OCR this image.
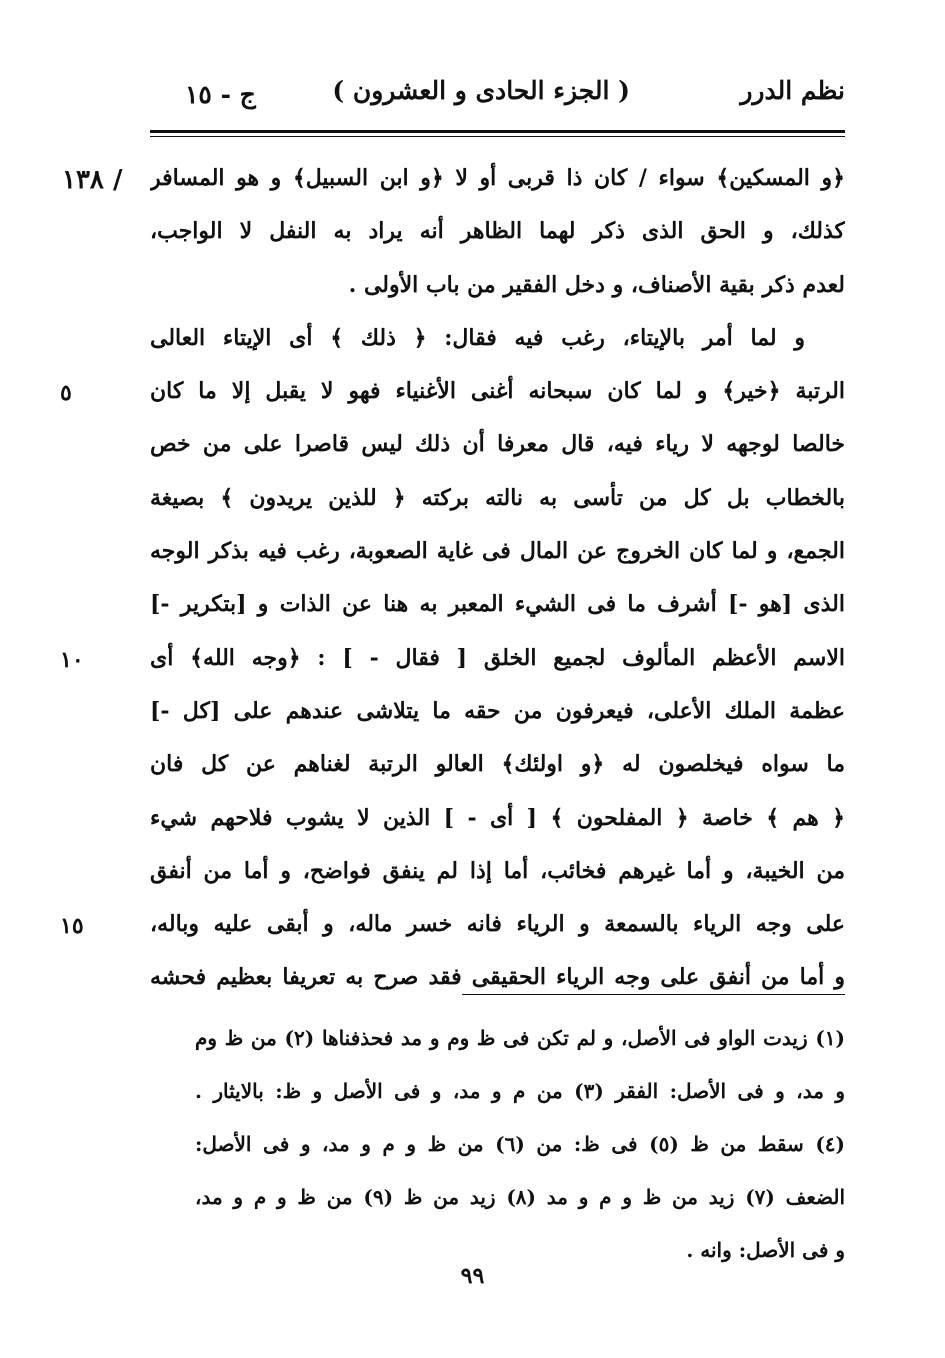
نظم الدرر
( الجزء الحادى و العشرون )
ج - ١٥
/ ١٣٨ ﴿و المسكين﴾ سواء / كان ذا قربى أو لا ﴿و ابن السبيل﴾ و هو المسافر
كذلك، و الحق الذى ذكر لهما الظاهر أنه يراد به النفل لا الواجب،
لعدم ذكر بقية الأصناف، و دخل الفقير من باب الأولى .
و لما أمر بالإيتاء، رغب فيه فقال: ﴿ ذلك ﴾ أى الإيتاء العالى
الرتبة ﴿خير﴾ و لما كان سبحانه أغنى الأغنياء فهو لا يقبل إلا ما كان
خالصا لوجهه لا رياء فيه، قال معرفا أن ذلك ليس قاصرا على من خص
بالخطاب بل كل من تأسى به نالته بركته ﴿ للذين يريدون ﴾ بصيغة
الجمع، و لما كان الخروج عن المال فى غاية الصعوبة، رغب فيه بذكر الوجه
الذى [هو -] أشرف ما فى الشيء المعبر به هنا عن الذات و [بتكرير -]
الاسم الأعظم المألوف لجميع الخلق [ فقال - ] : ﴿وجه الله﴾ أى
عظمة الملك الأعلى، فيعرفون من حقه ما يتلاشى عندهم على [كل -]
ما سواه فيخلصون له ﴿و اولئك﴾ العالو الرتبة لغناهم عن كل فان
﴿ هم ﴾ خاصة ﴿ المفلحون ﴾ [ أى - ] الذين لا يشوب فلاحهم شيء
من الخيبة، و أما غيرهم فخائب، أما إذا لم ينفق فواضح، و أما من أنفق
على وجه الرياء بالسمعة و الرياء فانه خسر ماله، و أبقى عليه وباله،
و أما من أنفق على وجه الرياء الحقيقى فقد صرح به تعريفا بعظيم فحشه
٥
١٠
١٥
(١) زيدت الواو فى الأصل، و لم تكن فى ظ وم و مد فحذفناها (٢) من ظ وم
و مد، و فى الأصل: الفقر (٣) من م و مد، و فى الأصل و ظ: بالايثار .
(٤) سقط من ظ (٥) فى ظ: من (٦) من ظ و م و مد، و فى الأصل:
الضعف (٧) زيد من ظ و م و مد (٨) زيد من ظ (٩) من ظ و م و مد،
و فى الأصل: وانه .
٩٩
